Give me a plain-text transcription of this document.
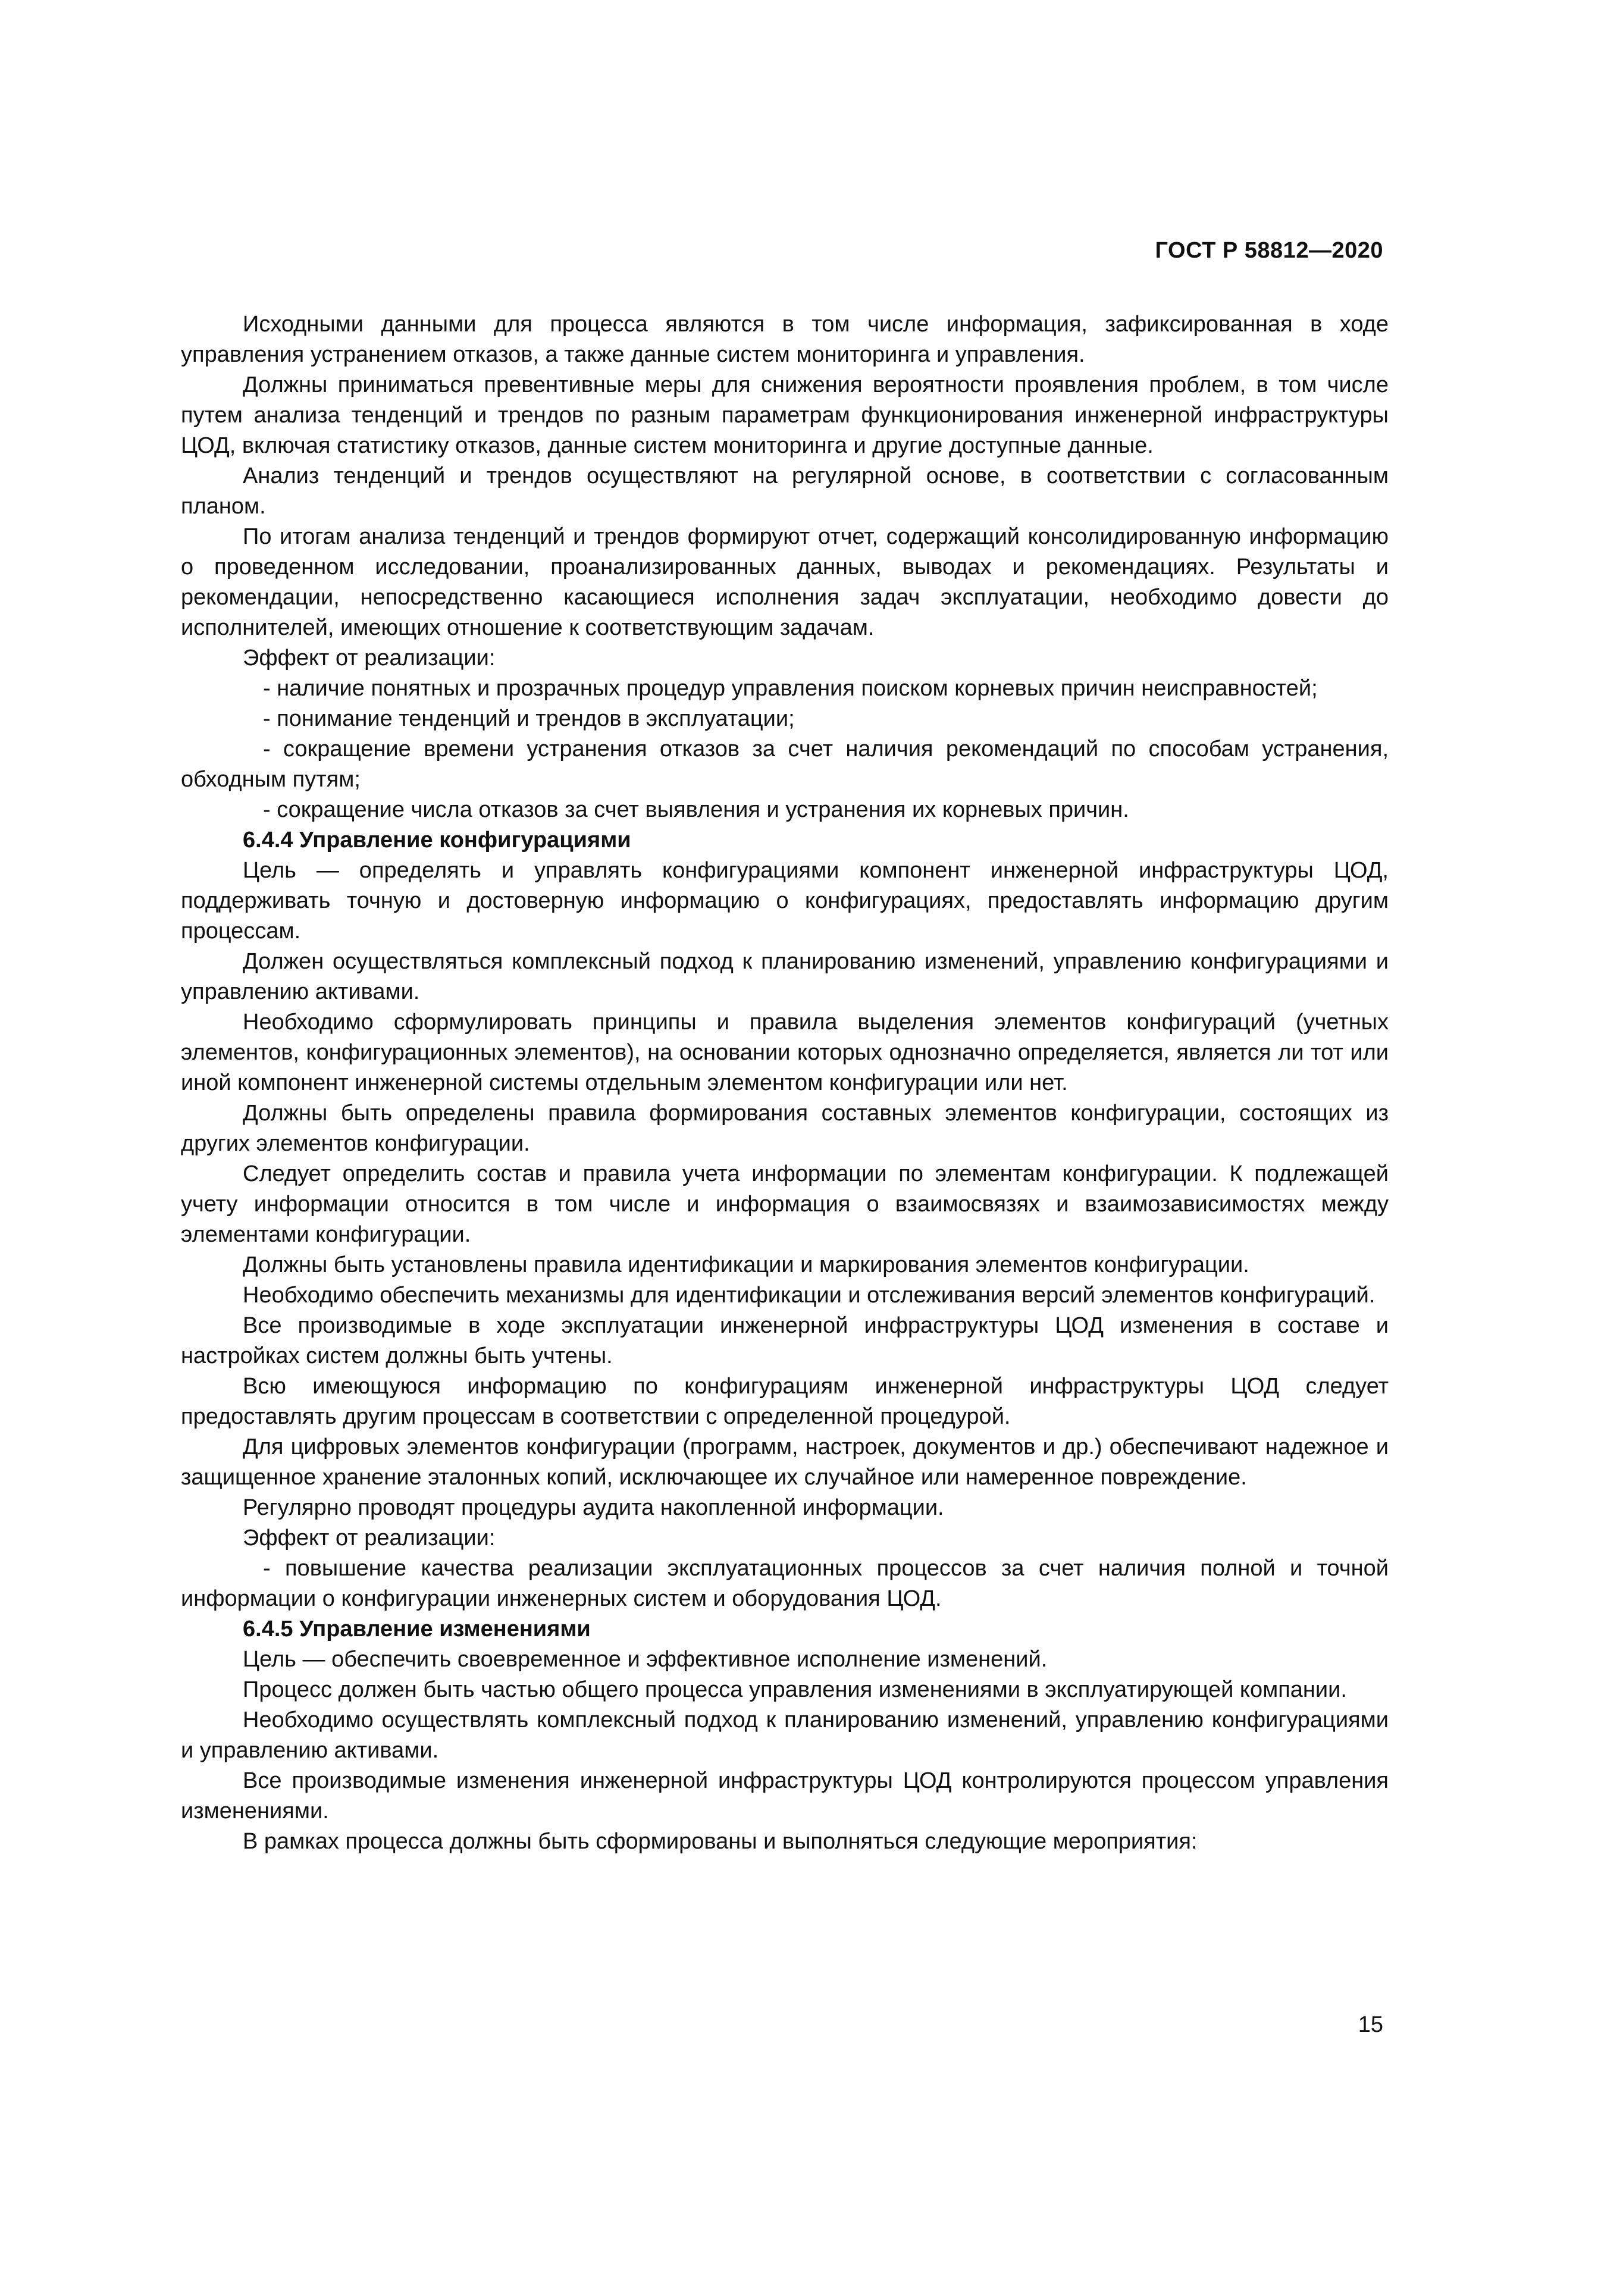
ГОСТ Р 58812—2020

Исходными данными для процесса являются в том числе информация, зафиксированная в ходе управления устранением отказов, а также данные систем мониторинга и управления.

Должны приниматься превентивные меры для снижения вероятности проявления проблем, в том числе путем анализа тенденций и трендов по разным параметрам функционирования инженерной инфраструктуры ЦОД, включая статистику отказов, данные систем мониторинга и другие доступные данные.

Анализ тенденций и трендов осуществляют на регулярной основе, в соответствии с согласованным планом.

По итогам анализа тенденций и трендов формируют отчет, содержащий консолидированную информацию о проведенном исследовании, проанализированных данных, выводах и рекомендациях. Результаты и рекомендации, непосредственно касающиеся исполнения задач эксплуатации, необходимо довести до исполнителей, имеющих отношение к соответствующим задачам.

Эффект от реализации:

- наличие понятных и прозрачных процедур управления поиском корневых причин неисправностей;

- понимание тенденций и трендов в эксплуатации;

- сокращение времени устранения отказов за счет наличия рекомендаций по способам устранения, обходным путям;

- сокращение числа отказов за счет выявления и устранения их корневых причин.

6.4.4 Управление конфигурациями

Цель — определять и управлять конфигурациями компонент инженерной инфраструктуры ЦОД, поддерживать точную и достоверную информацию о конфигурациях, предоставлять информацию другим процессам.

Должен осуществляться комплексный подход к планированию изменений, управлению конфигурациями и управлению активами.

Необходимо сформулировать принципы и правила выделения элементов конфигураций (учетных элементов, конфигурационных элементов), на основании которых однозначно определяется, является ли тот или иной компонент инженерной системы отдельным элементом конфигурации или нет.

Должны быть определены правила формирования составных элементов конфигурации, состоящих из других элементов конфигурации.

Следует определить состав и правила учета информации по элементам конфигурации. К подлежащей учету информации относится в том числе и информация о взаимосвязях и взаимозависимостях между элементами конфигурации.

Должны быть установлены правила идентификации и маркирования элементов конфигурации.

Необходимо обеспечить механизмы для идентификации и отслеживания версий элементов конфигураций.

Все производимые в ходе эксплуатации инженерной инфраструктуры ЦОД изменения в составе и настройках систем должны быть учтены.

Всю имеющуюся информацию по конфигурациям инженерной инфраструктуры ЦОД следует предоставлять другим процессам в соответствии с определенной процедурой.

Для цифровых элементов конфигурации (программ, настроек, документов и др.) обеспечивают надежное и защищенное хранение эталонных копий, исключающее их случайное или намеренное повреждение.

Регулярно проводят процедуры аудита накопленной информации.

Эффект от реализации:

- повышение качества реализации эксплуатационных процессов за счет наличия полной и точной информации о конфигурации инженерных систем и оборудования ЦОД.

6.4.5 Управление изменениями

Цель — обеспечить своевременное и эффективное исполнение изменений.

Процесс должен быть частью общего процесса управления изменениями в эксплуатирующей компании.

Необходимо осуществлять комплексный подход к планированию изменений, управлению конфигурациями и управлению активами.

Все производимые изменения инженерной инфраструктуры ЦОД контролируются процессом управления изменениями.

В рамках процесса должны быть сформированы и выполняться следующие мероприятия:

15
